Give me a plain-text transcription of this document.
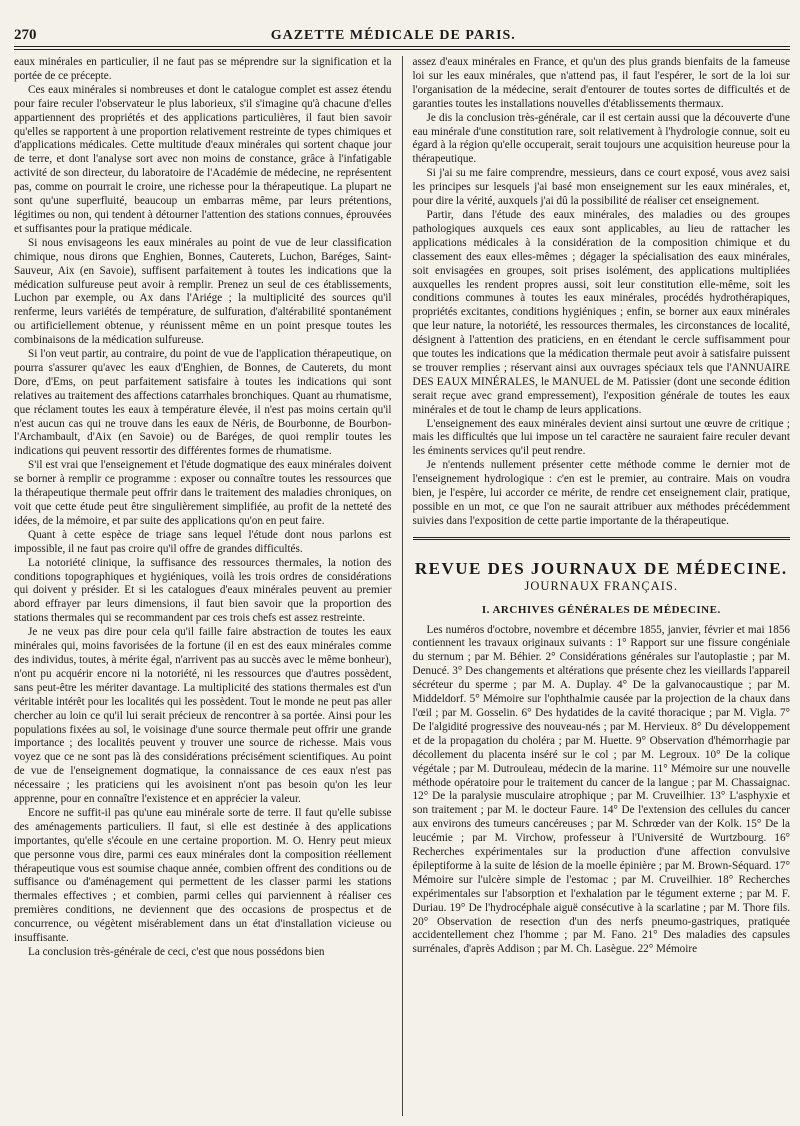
270	GAZETTE MÉDICALE DE PARIS.

eaux minérales en particulier, il ne faut pas se méprendre sur la signification et la portée de ce précepte.

Ces eaux minérales si nombreuses et dont le catalogue complet est assez étendu pour faire reculer l'observateur le plus laborieux, s'il s'imagine qu'à chacune d'elles appartiennent des propriétés et des applications particulières, il faut bien savoir qu'elles se rapportent à une proportion relativement restreinte de types chimiques et d'applications médicales. Cette multitude d'eaux minérales qui sortent chaque jour de terre, et dont l'analyse sort avec non moins de constance, grâce à l'infatigable activité de son directeur, du laboratoire de l'Académie de médecine, ne représentent pas, comme on pourrait le croire, une richesse pour la thérapeutique. La plupart ne sont qu'une superfluité, beaucoup un embarras même, par leurs prétentions, légitimes ou non, qui tendent à détourner l'attention des stations connues, éprouvées et suffisantes pour la pratique médicale.

Si nous envisageons les eaux minérales au point de vue de leur classification chimique, nous dirons que Enghien, Bonnes, Cauterets, Luchon, Baréges, Saint-Sauveur, Aix (en Savoie), suffisent parfaitement à toutes les indications que la médication sulfureuse peut avoir à remplir. Prenez un seul de ces établissements, Luchon par exemple, ou Ax dans l'Ariége ; la multiplicité des sources qu'il renferme, leurs variétés de température, de sulfuration, d'altérabilité spontanément ou artificiellement obtenue, y réunissent même en un point presque toutes les combinaisons de la médication sulfureuse.

Si l'on veut partir, au contraire, du point de vue de l'application thérapeutique, on pourra s'assurer qu'avec les eaux d'Enghien, de Bonnes, de Cauterets, du mont Dore, d'Ems, on peut parfaitement satisfaire à toutes les indications qui sont relatives au traitement des affections catarrhales bronchiques. Quant au rhumatisme, que réclament toutes les eaux à température élevée, il n'est pas moins certain qu'il n'est aucun cas qui ne trouve dans les eaux de Néris, de Bourbonne, de Bourbon-l'Archambault, d'Aix (en Savoie) ou de Baréges, de quoi remplir toutes les indications qui peuvent ressortir des différentes formes de rhumatisme.

S'il est vrai que l'enseignement et l'étude dogmatique des eaux minérales doivent se borner à remplir ce programme : exposer ou connaître toutes les ressources que la thérapeutique thermale peut offrir dans le traitement des maladies chroniques, on voit que cette étude peut être singulièrement simplifiée, au profit de la netteté des idées, de la mémoire, et par suite des applications qu'on en peut faire.

Quant à cette espèce de triage sans lequel l'étude dont nous parlons est impossible, il ne faut pas croire qu'il offre de grandes difficultés.

La notoriété clinique, la suffisance des ressources thermales, la notion des conditions topographiques et hygiéniques, voilà les trois ordres de considérations qui doivent y présider. Et si les catalogues d'eaux minérales peuvent au premier abord effrayer par leurs dimensions, il faut bien savoir que la proportion des stations thermales qui se recommandent par ces trois chefs est assez restreinte.

Je ne veux pas dire pour cela qu'il faille faire abstraction de toutes les eaux minérales qui, moins favorisées de la fortune (il en est des eaux minérales comme des individus, toutes, à mérite égal, n'arrivent pas au succès avec le même bonheur), n'ont pu acquérir encore ni la notoriété, ni les ressources que d'autres possèdent, sans peut-être les mériter davantage. La multiplicité des stations thermales est d'un véritable intérêt pour les localités qui les possèdent. Tout le monde ne peut pas aller chercher au loin ce qu'il lui serait précieux de rencontrer à sa portée. Ainsi pour les populations fixées au sol, le voisinage d'une source thermale peut offrir une grande importance ; des localités peuvent y trouver une source de richesse. Mais vous voyez que ce ne sont pas là des considérations précisément scientifiques. Au point de vue de l'enseignement dogmatique, la connaissance de ces eaux n'est pas nécessaire ; les praticiens qui les avoisinent n'ont pas besoin qu'on les leur apprenne, pour en connaître l'existence et en apprécier la valeur.

Encore ne suffit-il pas qu'une eau minérale sorte de terre. Il faut qu'elle subisse des aménagements particuliers. Il faut, si elle est destinée à des applications importantes, qu'elle s'écoule en une certaine proportion. M. O. Henry peut mieux que personne vous dire, parmi ces eaux minérales dont la composition réellement thérapeutique vous est soumise chaque année, combien offrent des conditions ou de suffisance ou d'aménagement qui permettent de les classer parmi les stations thermales effectives ; et combien, parmi celles qui parviennent à réaliser ces premières conditions, ne deviennent que des occasions de prospectus et de concurrence, ou végètent misérablement dans un état d'installation vicieuse ou insuffisante.

La conclusion très-générale de ceci, c'est que nous possédons bien

assez d'eaux minérales en France, et qu'un des plus grands bienfaits de la fameuse loi sur les eaux minérales, que n'attend pas, il faut l'espérer, le sort de la loi sur l'organisation de la médecine, serait d'entourer de toutes sortes de difficultés et de garanties toutes les installations nouvelles d'établissements thermaux.

Je dis la conclusion très-générale, car il est certain aussi que la découverte d'une eau minérale d'une constitution rare, soit relativement à l'hydrologie connue, soit eu égard à la région qu'elle occuperait, serait toujours une acquisition heureuse pour la thérapeutique.

Si j'ai su me faire comprendre, messieurs, dans ce court exposé, vous avez saisi les principes sur lesquels j'ai basé mon enseignement sur les eaux minérales, et, pour dire la vérité, auxquels j'ai dû la possibilité de réaliser cet enseignement.

Partir, dans l'étude des eaux minérales, des maladies ou des groupes pathologiques auxquels ces eaux sont applicables, au lieu de rattacher les applications médicales à la considération de la composition chimique et du classement des eaux elles-mêmes ; dégager la spécialisation des eaux minérales, soit envisagées en groupes, soit prises isolément, des applications multipliées auxquelles les rendent propres aussi, soit leur constitution elle-même, soit les conditions communes à toutes les eaux minérales, procédés hydrothérapiques, propriétés excitantes, conditions hygiéniques ; enfin, se borner aux eaux minérales que leur nature, la notoriété, les ressources thermales, les circonstances de localité, désignent à l'attention des praticiens, en en étendant le cercle suffisamment pour que toutes les indications que la médication thermale peut avoir à satisfaire puissent se trouver remplies ; réservant ainsi aux ouvrages spéciaux tels que l'ANNUAIRE DES EAUX MINÉRALES, le MANUEL de M. Patissier (dont une seconde édition serait reçue avec grand empressement), l'exposition générale de toutes les eaux minérales et de tout le champ de leurs applications.

L'enseignement des eaux minérales devient ainsi surtout une œuvre de critique ; mais les difficultés que lui impose un tel caractère ne sauraient faire reculer devant les éminents services qu'il peut rendre.

Je n'entends nullement présenter cette méthode comme le dernier mot de l'enseignement hydrologique : c'en est le premier, au contraire. Mais on voudra bien, je l'espère, lui accorder ce mérite, de rendre cet enseignement clair, pratique, possible en un mot, ce que l'on ne saurait attribuer aux méthodes précédemment suivies dans l'exposition de cette partie importante de la thérapeutique.

REVUE DES JOURNAUX DE MÉDECINE.
JOURNAUX FRANÇAIS.
I. ARCHIVES GÉNÉRALES DE MÉDECINE.

Les numéros d'octobre, novembre et décembre 1855, janvier, février et mai 1856 contiennent les travaux originaux suivants : 1° Rapport sur une fissure congéniale du sternum ; par M. Béhier. 2° Considérations générales sur l'autoplastie ; par M. Denucé. 3° Des changements et altérations que présente chez les vieillards l'appareil sécréteur du sperme ; par M. A. Duplay. 4° De la galvanocaustique ; par M. Middeldorf. 5° Mémoire sur l'ophthalmie causée par la projection de la chaux dans l'œil ; par M. Gosselin. 6° Des hydatides de la cavité thoracique ; par M. Vigla. 7° De l'algidité progressive des nouveau-nés ; par M. Hervieux. 8° Du développement et de la propagation du choléra ; par M. Huette. 9° Observation d'hémorrhagie par décollement du placenta inséré sur le col ; par M. Legroux. 10° De la colique végétale ; par M. Dutrouleau, médecin de la marine. 11° Mémoire sur une nouvelle méthode opératoire pour le traitement du cancer de la langue ; par M. Chassaignac. 12° De la paralysie musculaire atrophique ; par M. Cruveilhier. 13° L'asphyxie et son traitement ; par M. le docteur Faure. 14° De l'extension des cellules du cancer aux environs des tumeurs cancéreuses ; par M. Schrœder van der Kolk. 15° De la leucémie ; par M. Virchow, professeur à l'Université de Wurtzbourg. 16° Recherches expérimentales sur la production d'une affection convulsive épileptiforme à la suite de lésion de la moelle épinière ; par M. Brown-Séquard. 17° Mémoire sur l'ulcère simple de l'estomac ; par M. Cruveilhier. 18° Recherches expérimentales sur l'absorption et l'exhalation par le tégument externe ; par M. F. Duriau. 19° De l'hydrocéphale aiguë consécutive à la scarlatine ; par M. Thore fils. 20° Observation de resection d'un des nerfs pneumo-gastriques, pratiquée accidentellement chez l'homme ; par M. Fano. 21° Des maladies des capsules surrénales, d'après Addison ; par M. Ch. Lasègue. 22° Mémoire
